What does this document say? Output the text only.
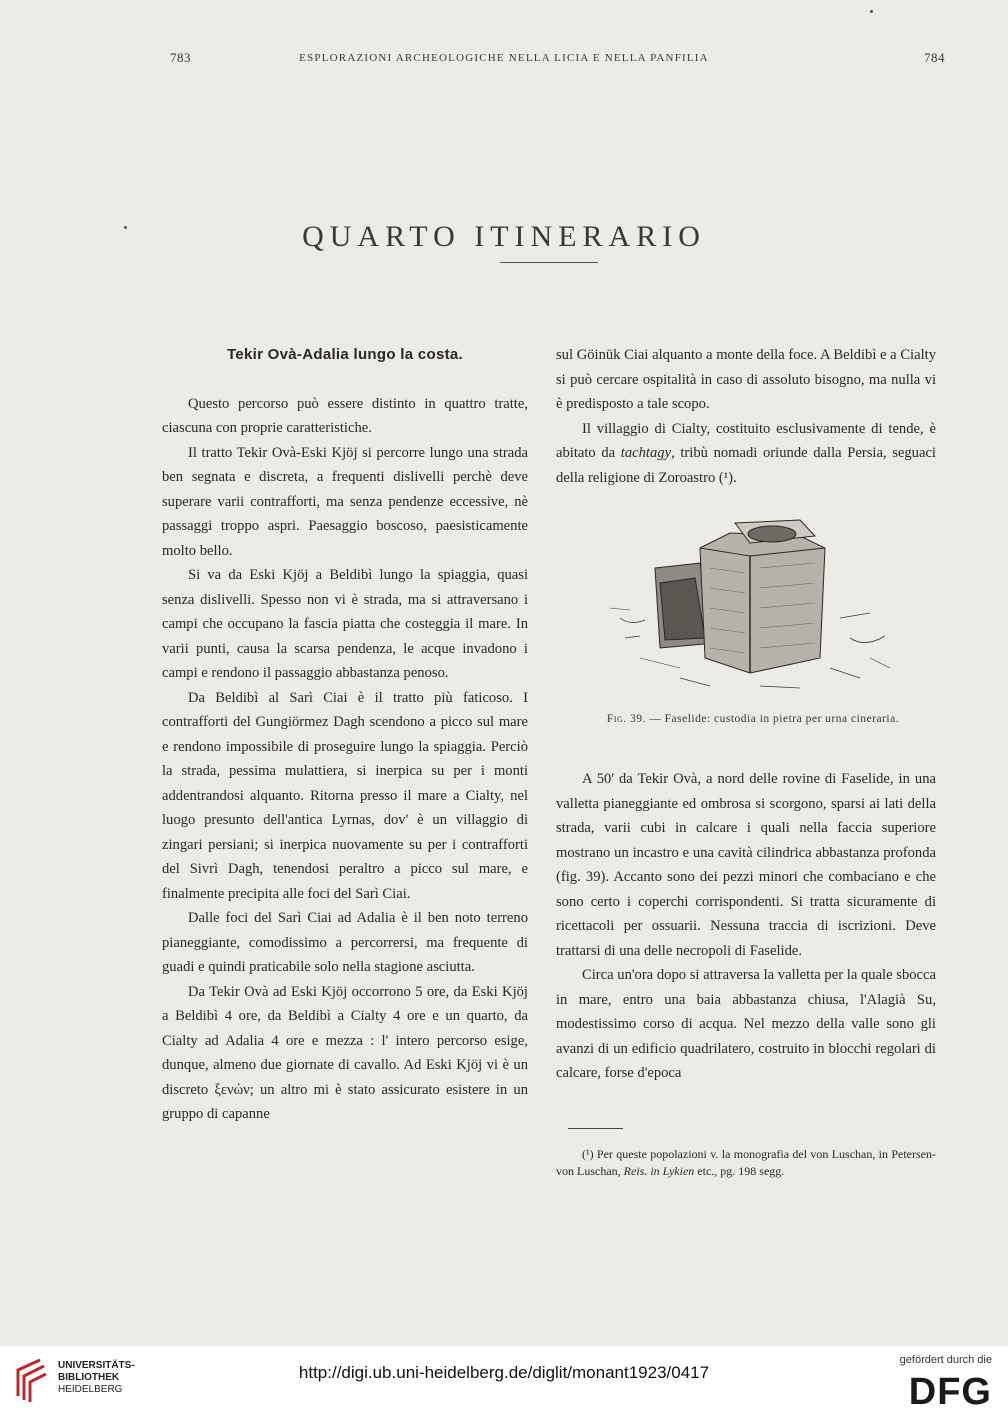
783	ESPLORAZIONI ARCHEOLOGICHE NELLA LICIA E NELLA PANFILIA	784
QUARTO ITINERARIO
Tekir Ovà-Adalia lungo la costa.

Questo percorso può essere distinto in quattro tratte, ciascuna con proprie caratteristiche.

Il tratto Tekir Ovà-Eski Kjöj si percorre lungo una strada ben segnata e discreta, a frequenti dislivelli perchè deve superare varii contrafforti, ma senza pendenze eccessive, nè passaggi troppo aspri. Paesaggio boscoso, paesisticamente molto bello.

Si va da Eski Kjöj a Beldibì lungo la spiaggia, quasi senza dislivelli. Spesso non vi è strada, ma si attraversano i campi che occupano la fascia piatta che costeggia il mare. In varii punti, causa la scarsa pendenza, le acque invadono i campi e rendono il passaggio abbastanza penoso.

Da Beldibì al Sarì Ciai è il tratto più faticoso. I contrafforti del Gungiörmez Dagh scendono a picco sul mare e rendono impossibile di proseguire lungo la spiaggia. Perciò la strada, pessima mulattiera, si inerpica su per i monti addentrandosi alquanto. Ritorna presso il mare a Cialty, nel luogo presunto dell'antica Lyrnas, dov' è un villaggio di zingari persiani; si inerpica nuovamente su per i contrafforti del Sivrì Dagh, tenendosi peraltro a picco sul mare, e finalmente precipita alle foci del Sarì Ciai.

Dalle foci del Sarì Ciai ad Adalia è il ben noto terreno pianeggiante, comodissimo a percorrersi, ma frequente di guadi e quindi praticabile solo nella stagione asciutta.

Da Tekir Ovà ad Eski Kjöj occorrono 5 ore, da Eski Kjöj a Beldibì 4 ore, da Beldibì a Cialty 4 ore e un quarto, da Cialty ad Adalia 4 ore e mezza : l' intero percorso esige, dunque, almeno due giornate di cavallo. Ad Eski Kjöj vi è un discreto ξενών; un altro mi è stato assicurato esistere in un gruppo di capanne

sul Göinük Ciai alquanto a monte della foce. A Beldibì e a Cialty si può cercare ospitalità in caso di assoluto bisogno, ma nulla vi è predisposto a tale scopo.

Il villaggio di Cialty, costituito esclusivamente di tende, è abitato da tachtagy, tribù nomadi oriunde dalla Persia, seguaci della religione di Zoroastro (¹).

Fig. 39. — Faselide: custodia in pietra per urna cineraria.

A 50' da Tekir Ovà, a nord delle rovine di Faselide, in una valletta pianeggiante ed ombrosa si scorgono, sparsi ai lati della strada, varii cubi in calcare i quali nella faccia superiore mostrano un incastro e una cavità cilindrica abbastanza profonda (fig. 39). Accanto sono dei pezzi minori che combaciano e che sono certo i coperchi corrispondenti. Si tratta sicuramente di ricettacoli per ossuarii. Nessuna traccia di iscrizioni. Deve trattarsi di una delle necropoli di Faselide.

Circa un'ora dopo si attraversa la valletta per la quale sbocca in mare, entro una baia abbastanza chiusa, l'Alagià Su, modestissimo corso di acqua. Nel mezzo della valle sono gli avanzi di un edificio quadrilatero, costruito in blocchi regolari di calcare, forse d'epoca

(¹) Per queste popolazioni v. la monografia del von Luschan, in Petersen-von Luschan, Reis. in Lykien etc., pg. 198 segg.

UNIVERSITÄTS-
BIBLIOTHEK
HEIDELBERG
http://digi.ub.uni-heidelberg.de/diglit/monant1923/0417
gefördert durch die
DFG
